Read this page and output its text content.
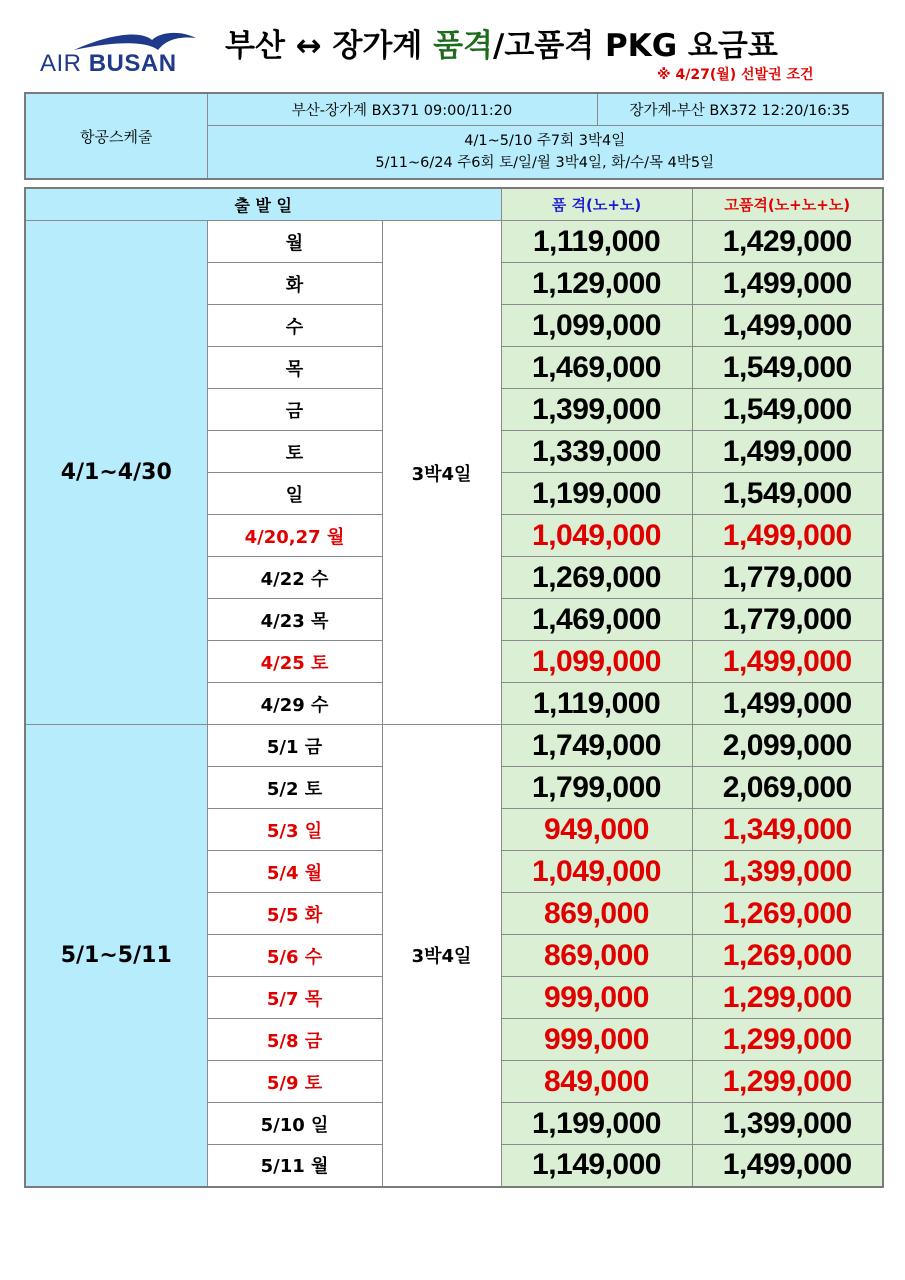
AIR BUSAN 부산 ↔ 장가계 품격/고품격 PKG 요금표
※ 4/27(월) 선발권 조건
항공스케줄	부산-장가계 BX371 09:00/11:20	장가계-부산 BX372 12:20/16:35

4/1~5/10 주7회 3박4일
5/11~6/24 주6회 토/일/월 3박4일, 화/수/목 4박5일
출 발 일			품 격(노+노)	고품격(노+노+노)
4/1~4/30	월	3박4일	1,119,000	1,429,000
	화		1,129,000	1,499,000
	수		1,099,000	1,499,000
	목		1,469,000	1,549,000
	금		1,399,000	1,549,000
	토		1,339,000	1,499,000
	일		1,199,000	1,549,000
	4/20,27 월		1,049,000	1,499,000
	4/22 수		1,269,000	1,779,000
	4/23 목		1,469,000	1,779,000
	4/25 토		1,099,000	1,499,000
	4/29 수		1,119,000	1,499,000
5/1~5/11	5/1 금	3박4일	1,749,000	2,099,000
	5/2 토		1,799,000	2,069,000
	5/3 일		949,000	1,349,000
	5/4 월		1,049,000	1,399,000
	5/5 화		869,000	1,269,000
	5/6 수		869,000	1,269,000
	5/7 목		999,000	1,299,000
	5/8 금		999,000	1,299,000
	5/9 토		849,000	1,299,000
	5/10 일		1,199,000	1,399,000
	5/11 월		1,149,000	1,499,000
